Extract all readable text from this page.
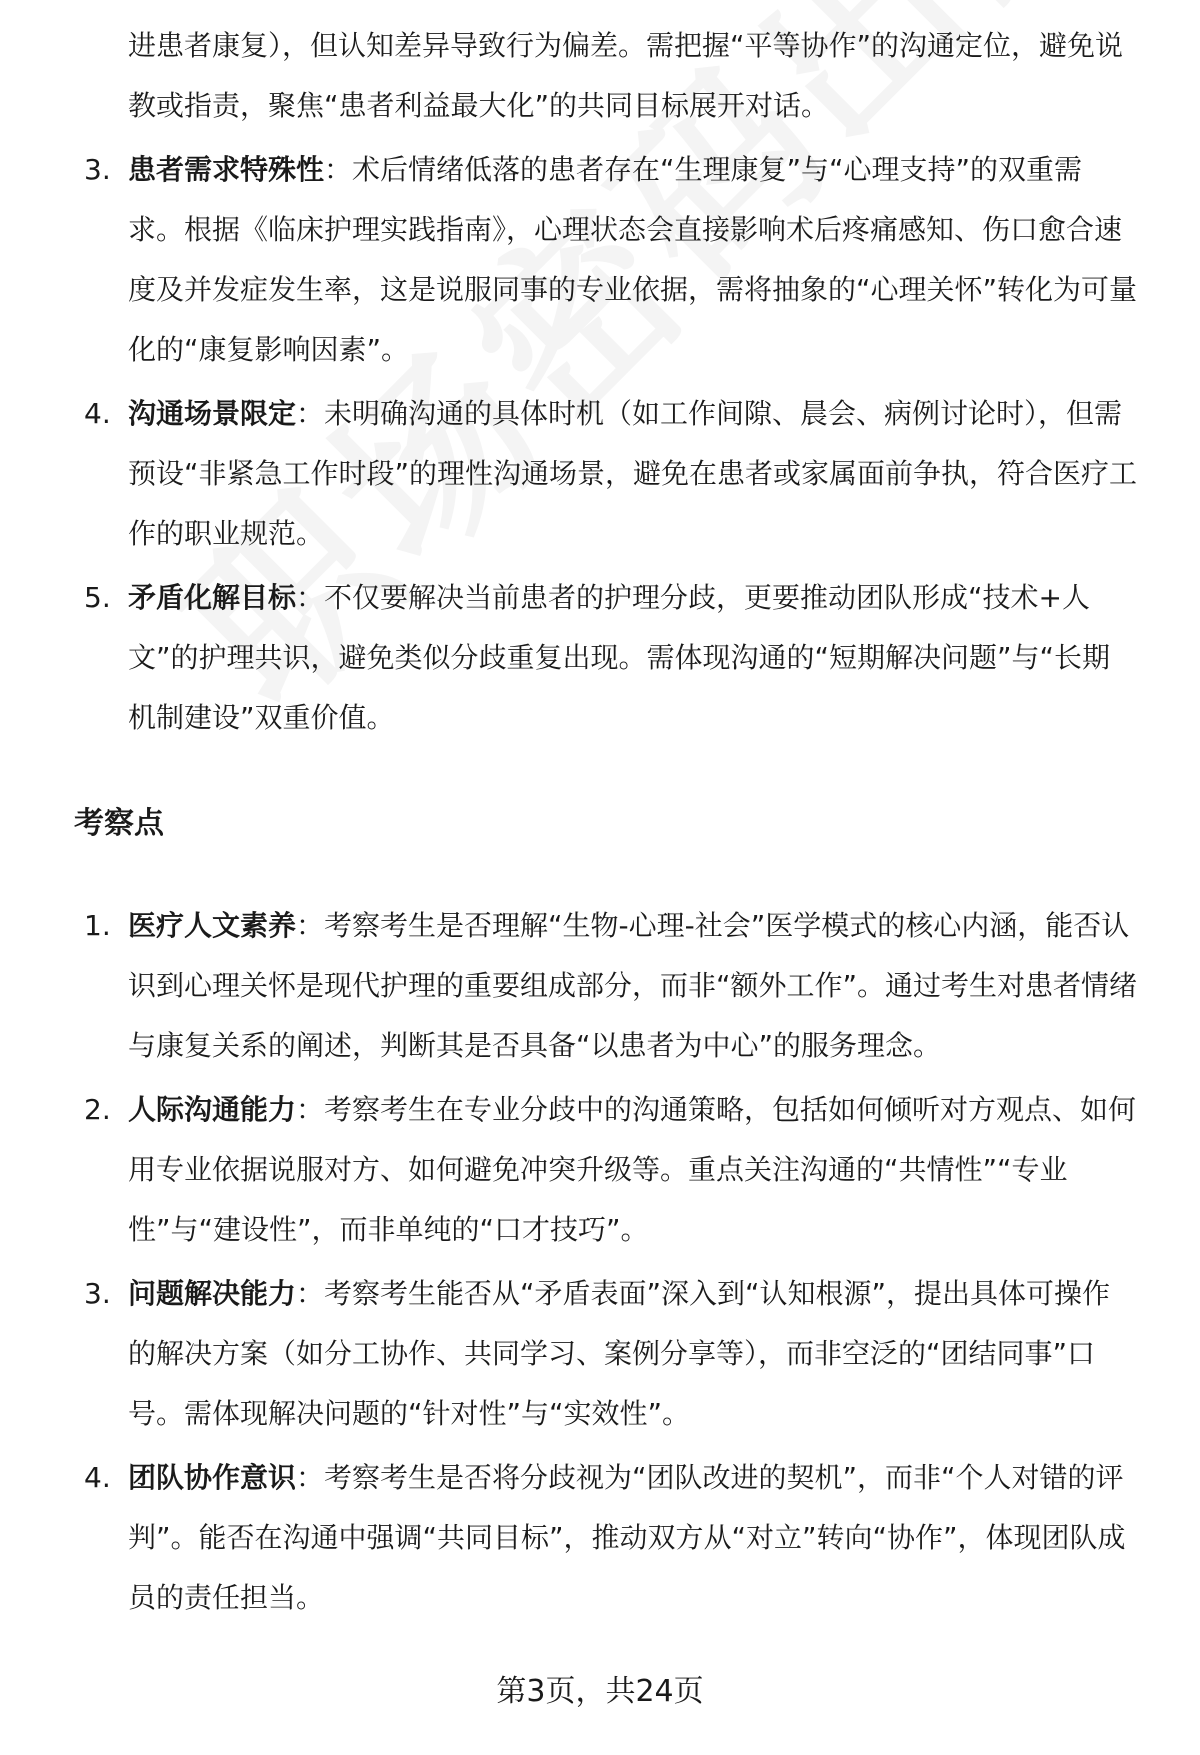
进患者康复），但认知差异导致行为偏差。需把握“平等协作”的沟通定位，避免说教或指责，聚焦“患者利益最大化”的共同目标展开对话。
3. 患者需求特殊性：术后情绪低落的患者存在“生理康复”与“心理支持”的双重需求。根据《临床护理实践指南》，心理状态会直接影响术后疼痛感知、伤口愈合速度及并发症发生率，这是说服同事的专业依据，需将抽象的“心理关怀”转化为可量化的“康复影响因素”。
4. 沟通场景限定：未明确沟通的具体时机（如工作间隙、晨会、病例讨论时），但需预设“非紧急工作时段”的理性沟通场景，避免在患者或家属面前争执，符合医疗工作的职业规范。
5. 矛盾化解目标：不仅要解决当前患者的护理分歧，更要推动团队形成“技术+人文”的护理共识，避免类似分歧重复出现。需体现沟通的“短期解决问题”与“长期机制建设”双重价值。
考察点
1. 医疗人文素养：考察考生是否理解“生物-心理-社会”医学模式的核心内涵，能否认识到心理关怀是现代护理的重要组成部分，而非“额外工作”。通过考生对患者情绪与康复关系的阐述，判断其是否具备“以患者为中心”的服务理念。
2. 人际沟通能力：考察考生在专业分歧中的沟通策略，包括如何倾听对方观点、如何用专业依据说服对方、如何避免冲突升级等。重点关注沟通的“共情性”“专业性”与“建设性”，而非单纯的“口才技巧”。
3. 问题解决能力：考察考生能否从“矛盾表面”深入到“认知根源”，提出具体可操作的解决方案（如分工协作、共同学习、案例分享等），而非空泛的“团结同事”口号。需体现解决问题的“针对性”与“实效性”。
4. 团队协作意识：考察考生是否将分歧视为“团队改进的契机”，而非“个人对错的评判”。能否在沟通中强调“共同目标”，推动双方从“对立”转向“协作”，体现团队成员的责任担当。
第3页，共24页
